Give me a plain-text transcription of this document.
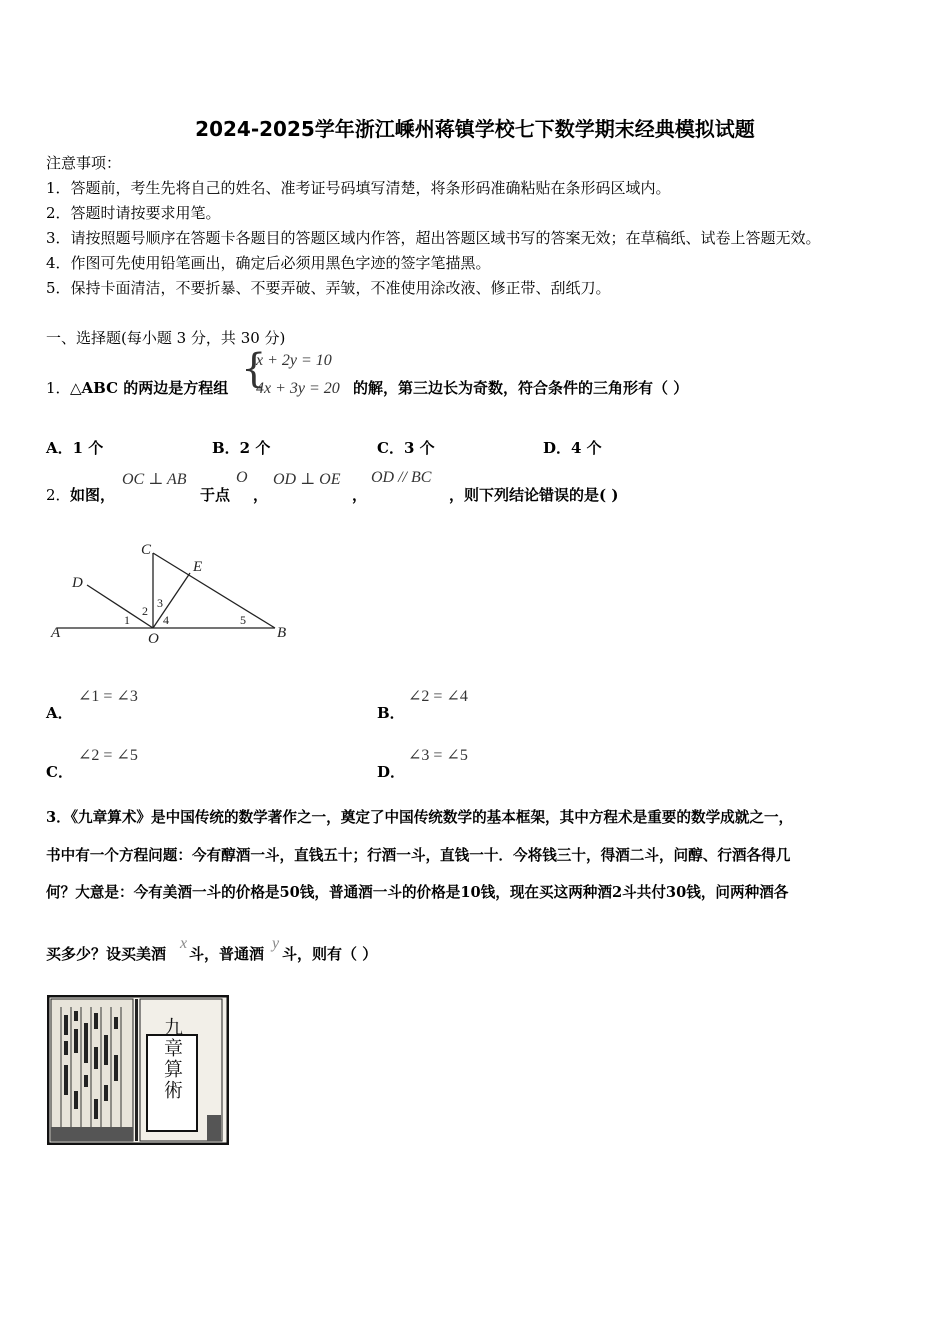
2024-2025学年浙江嵊州蒋镇学校七下数学期末经典模拟试题
注意事项：
1．答题前，考生先将自己的姓名、准考证号码填写清楚，将条形码准确粘贴在条形码区域内。
2．答题时请按要求用笔。
3．请按照题号顺序在答题卡各题目的答题区域内作答，超出答题区域书写的答案无效；在草稿纸、试卷上答题无效。
4．作图可先使用铅笔画出，确定后必须用黑色字迹的签字笔描黑。
5．保持卡面清洁，不要折暴、不要弄破、弄皱，不准使用涂改液、修正带、刮纸刀。
一、选择题(每小题 3 分，共 30 分)
1． △ABC 的两边是方程组 {
x + 2y = 10
4x + 3y = 20 的解，第三边长为奇数，符合条件的三角形有（ ）
A．1 个	B．2 个	C．3 个	D．4 个
2． 如图，
OC ⊥ AB
于点
O
，
OD ⊥ OE
，
OD // BC
，则下列结论错误的是( )
C
E
D
A	O	B
1
2
3
4	5
A．
∠1 = ∠3
B．
∠2 = ∠4
C．
∠2 = ∠5
D．
∠3 = ∠5
3．《九章算术》是中国传统的数学著作之一，奠定了中国传统数学的基本框架，其中方程术是重要的数学成就之一，
书中有一个方程问题：今有醇酒一斗，直钱五十；行酒一斗，直钱一十．今将钱三十，得酒二斗，问醇、行酒各得几
何？大意是：今有美酒一斗的价格是50钱，普通酒一斗的价格是10钱，现在买这两种酒2斗共付30钱，问两种酒各
买多少？设买美酒
x
斗，普通酒
y
斗，则有（ ）
九章算術
